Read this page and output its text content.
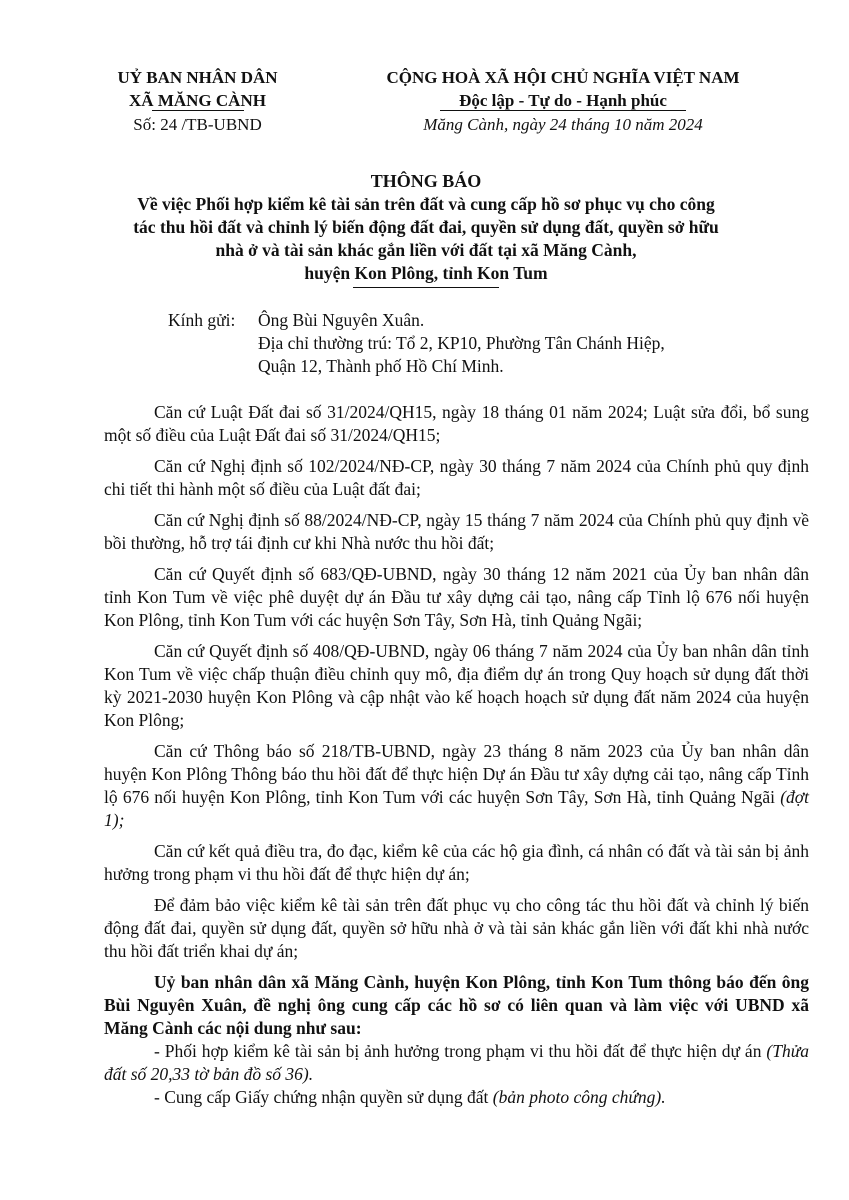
UỶ BAN NHÂN DÂN
XÃ MĂNG CÀNH
Số: 24 /TB-UBND
CỘNG HOÀ XÃ HỘI CHỦ NGHĨA VIỆT NAM
Độc lập - Tự do - Hạnh phúc
Măng Cành, ngày 24 tháng 10 năm 2024
THÔNG BÁO
Về việc Phối hợp kiểm kê tài sản trên đất và cung cấp hồ sơ phục vụ cho công
tác thu hồi đất và chỉnh lý biến động đất đai, quyền sử dụng đất, quyền sở hữu
nhà ở và tài sản khác gắn liền với đất tại xã Măng Cành,
huyện Kon Plông, tỉnh Kon Tum
Kính gửi:	Ông Bùi Nguyên Xuân.
Địa chỉ thường trú: Tổ 2, KP10, Phường Tân Chánh Hiệp,
Quận 12, Thành phố Hồ Chí Minh.

Căn cứ Luật Đất đai số 31/2024/QH15, ngày 18 tháng 01 năm 2024; Luật sửa đổi, bổ sung một số điều của Luật Đất đai số 31/2024/QH15;

Căn cứ Nghị định số 102/2024/NĐ-CP, ngày 30 tháng 7 năm 2024 của Chính phủ quy định chi tiết thi hành một số điều của Luật đất đai;

Căn cứ Nghị định số 88/2024/NĐ-CP, ngày 15 tháng 7 năm 2024 của Chính phủ quy định về bồi thường, hỗ trợ tái định cư khi Nhà nước thu hồi đất;

Căn cứ Quyết định số 683/QĐ-UBND, ngày 30 tháng 12 năm 2021 của Ủy ban nhân dân tỉnh Kon Tum về việc phê duyệt dự án Đầu tư xây dựng cải tạo, nâng cấp Tỉnh lộ 676 nối huyện Kon Plông, tỉnh Kon Tum với các huyện Sơn Tây, Sơn Hà, tỉnh Quảng Ngãi;

Căn cứ Quyết định số 408/QĐ-UBND, ngày 06 tháng 7 năm 2024 của Ủy ban nhân dân tỉnh Kon Tum về việc chấp thuận điều chỉnh quy mô, địa điểm dự án trong Quy hoạch sử dụng đất thời kỳ 2021-2030 huyện Kon Plông và cập nhật vào kế hoạch hoạch sử dụng đất năm 2024 của huyện Kon Plông;

Căn cứ Thông báo số 218/TB-UBND, ngày 23 tháng 8 năm 2023 của Ủy ban nhân dân huyện Kon Plông Thông báo thu hồi đất để thực hiện Dự án Đầu tư xây dựng cải tạo, nâng cấp Tỉnh lộ 676 nối huyện Kon Plông, tỉnh Kon Tum với các huyện Sơn Tây, Sơn Hà, tỉnh Quảng Ngãi (đợt 1);

Căn cứ kết quả điều tra, đo đạc, kiểm kê của các hộ gia đình, cá nhân có đất và tài sản bị ảnh hưởng trong phạm vi thu hồi đất để thực hiện dự án;

Để đảm bảo việc kiểm kê tài sản trên đất phục vụ cho công tác thu hồi đất và chỉnh lý biến động đất đai, quyền sử dụng đất, quyền sở hữu nhà ở và tài sản khác gắn liền với đất khi nhà nước thu hồi đất triển khai dự án;

Uỷ ban nhân dân xã Măng Cành, huyện Kon Plông, tỉnh Kon Tum thông báo đến ông Bùi Nguyên Xuân, đề nghị ông cung cấp các hồ sơ có liên quan và làm việc với UBND xã Măng Cành các nội dung như sau:

- Phối hợp kiểm kê tài sản bị ảnh hưởng trong phạm vi thu hồi đất để thực hiện dự án (Thửa đất số 20,33 tờ bản đồ số 36).

- Cung cấp Giấy chứng nhận quyền sử dụng đất (bản photo công chứng).
